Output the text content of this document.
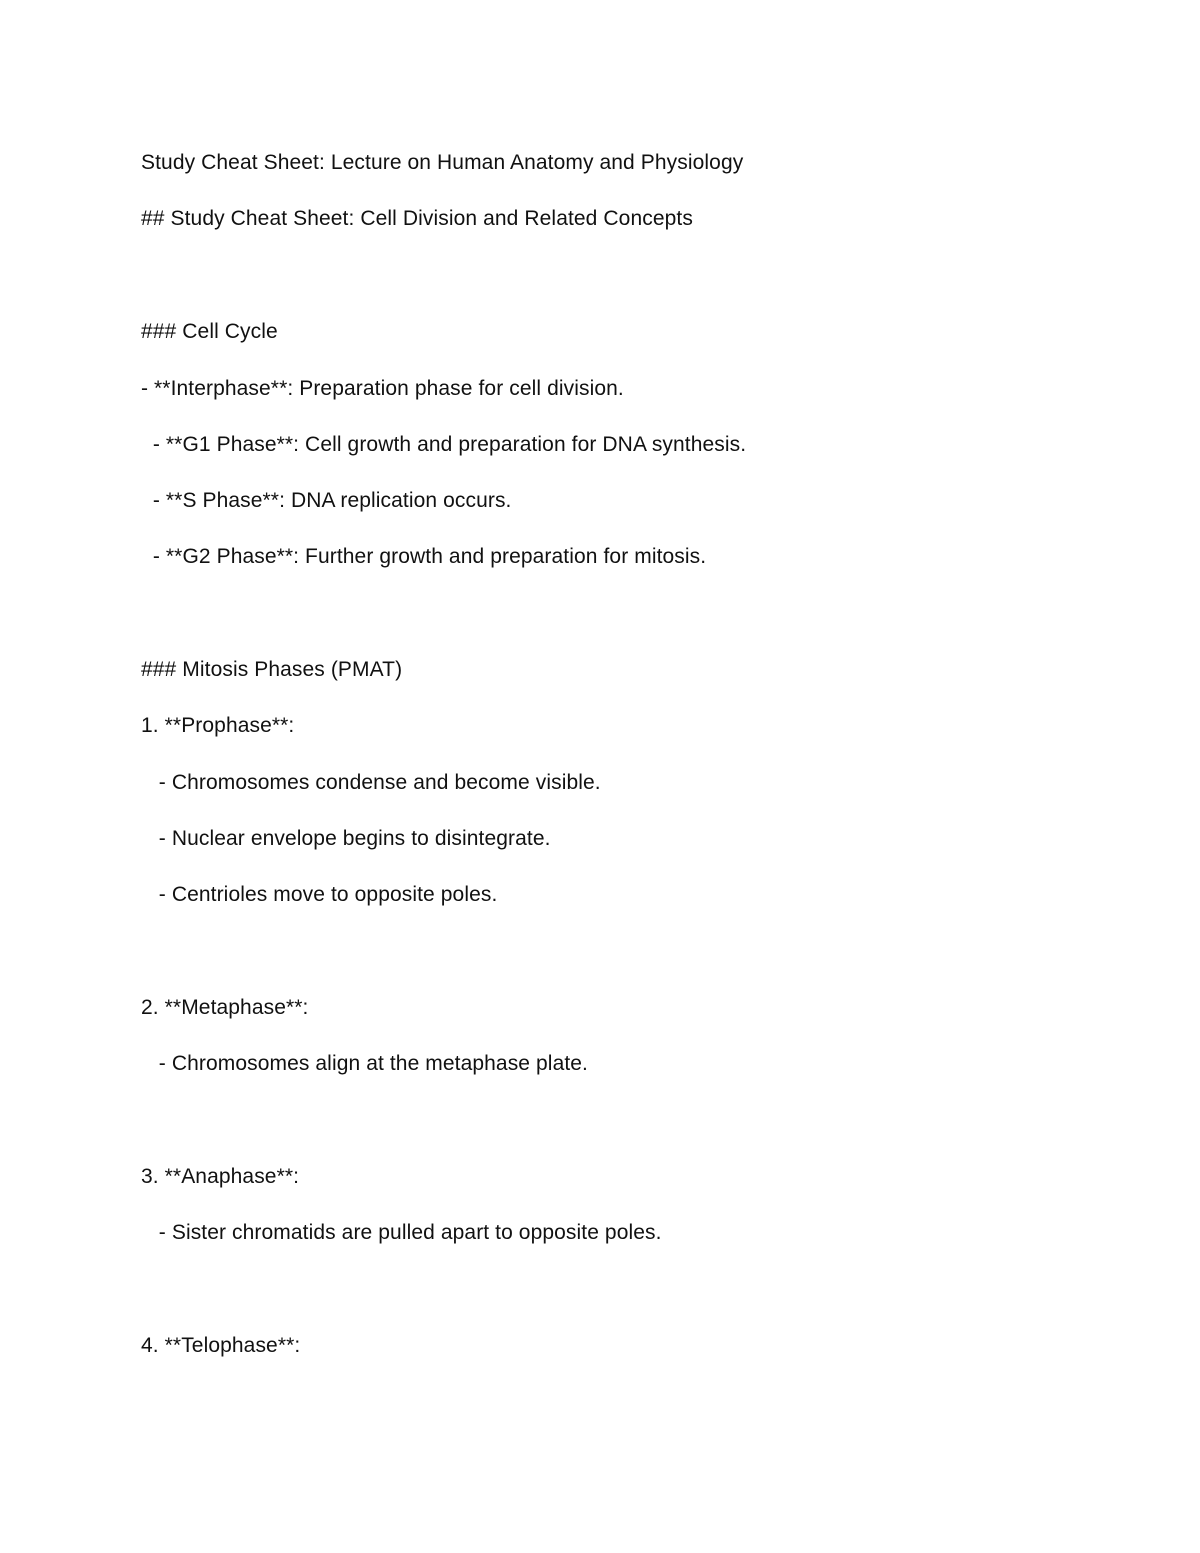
Study Cheat Sheet: Lecture on Human Anatomy and Physiology

## Study Cheat Sheet: Cell Division and Related Concepts

### Cell Cycle

- **Interphase**: Preparation phase for cell division.

- **G1 Phase**: Cell growth and preparation for DNA synthesis.

- **S Phase**: DNA replication occurs.

- **G2 Phase**: Further growth and preparation for mitosis.

### Mitosis Phases (PMAT)

1. **Prophase**:

- Chromosomes condense and become visible.

- Nuclear envelope begins to disintegrate.

- Centrioles move to opposite poles.

2. **Metaphase**:

- Chromosomes align at the metaphase plate.

3. **Anaphase**:

- Sister chromatids are pulled apart to opposite poles.

4. **Telophase**:
